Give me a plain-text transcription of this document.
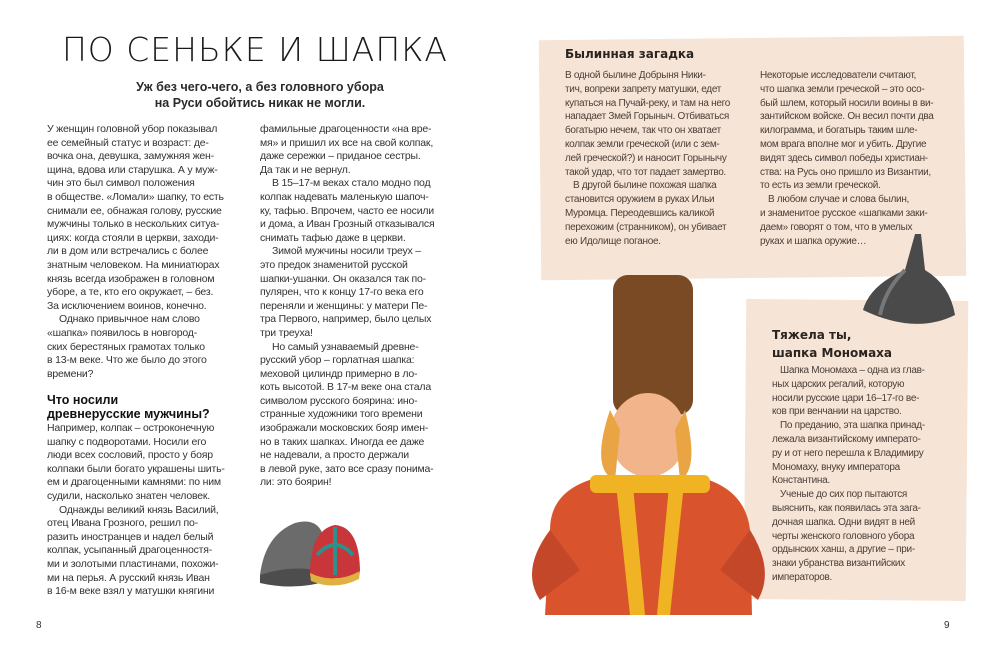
ПО СЕНЬКЕ И ШАПКА
Уж без чего-чего, а без головного убора
на Руси обойтись никак не могли.
У женщин головной убор показывал
ее семейный статус и возраст: де-
вочка она, девушка, замужняя жен-
щина, вдова или старушка. А у муж-
чин это был символ положения
в обществе. «Ломали» шапку, то есть
снимали ее, обнажая голову, русские
мужчины только в нескольких ситуа-
циях: когда стояли в церкви, заходи-
ли в дом или встречались с более
знатным человеком. На миниатюрах
князь всегда изображен в головном
уборе, а те, кто его окружает, – без.
За исключением воинов, конечно.
Однако привычное нам слово
«шапка» появилось в новгород-
ских берестяных грамотах только
в 13-м веке. Что же было до этого
времени?
Что носили
древнерусские мужчины?
Например, колпак – остроконечную
шапку с подворотами. Носили его
люди всех сословий, просто у бояр
колпаки были богато украшены шить-
ем и драгоценными камнями: по ним
судили, насколько знатен человек.
Однажды великий князь Василий,
отец Ивана Грозного, решил по-
разить иностранцев и надел белый
колпак, усыпанный драгоценностя-
ми и золотыми пластинами, похожи-
ми на перья. А русский князь Иван
в 16-м веке взял у матушки княгини
фамильные драгоценности «на вре-
мя» и пришил их все на свой колпак,
даже сережки – приданое сестры.
Да так и не вернул.
В 15–17-м веках стало модно под
колпак надевать маленькую шапоч-
ку, тафью. Впрочем, часто ее носили
и дома, а Иван Грозный отказывался
снимать тафью даже в церкви.
Зимой мужчины носили треух –
это предок знаменитой русской
шапки-ушанки. Он оказался так по-
пулярен, что к концу 17-го века его
переняли и женщины: у матери Пе-
тра Первого, например, было целых
три треуха!
Но самый узнаваемый древне-
русский убор – горлатная шапка:
меховой цилиндр примерно в ло-
коть высотой. В 17-м веке она стала
символом русского боярина: ино-
странные художники того времени
изображали московских бояр имен-
но в таких шапках. Иногда ее даже
не надевали, а просто держали
в левой руке, зато все сразу понима-
ли: это боярин!
8
Былинная загадка
В одной былине Добрыня Ники-
тич, вопреки запрету матушки, едет
купаться на Пучай-реку, и там на него
нападает Змей Горыныч. Отбиваться
богатырю нечем, так что он хватает
колпак земли греческой (или с зем-
лей греческой?) и наносит Горынычу
такой удар, что тот падает замертво.
В другой былине похожая шапка
становится оружием в руках Ильи
Муромца. Переодевшись каликой
перехожим (странником), он убивает
ею Идолище поганое.
Некоторые исследователи считают,
что шапка земли греческой – это осо-
бый шлем, который носили воины в ви-
зантийском войске. Он весил почти два
килограмма, и богатырь таким шле-
мом врага вполне мог и убить. Другие
видят здесь символ победы христиан-
ства: на Русь оно пришло из Византии,
то есть из земли греческой.
В любом случае и слова былин,
и знаменитое русское «шапками заки-
даем» говорят о том, что в умелых
руках и шапка оружие…
Тяжела ты,
шапка Мономаха
Шапка Мономаха – одна из глав-
ных царских регалий, которую
носили русские цари 16–17-го ве-
ков при венчании на царство.
По преданию, эта шапка принад-
лежала византийскому императо-
ру и от него перешла к Владимиру
Мономаху, внуку императора
Константина.
Ученые до сих пор пытаются
выяснить, как появилась эта зага-
дочная шапка. Одни видят в ней
черты женского головного убора
ордынских ханш, а другие – при-
знаки убранства византийских
императоров.
9
